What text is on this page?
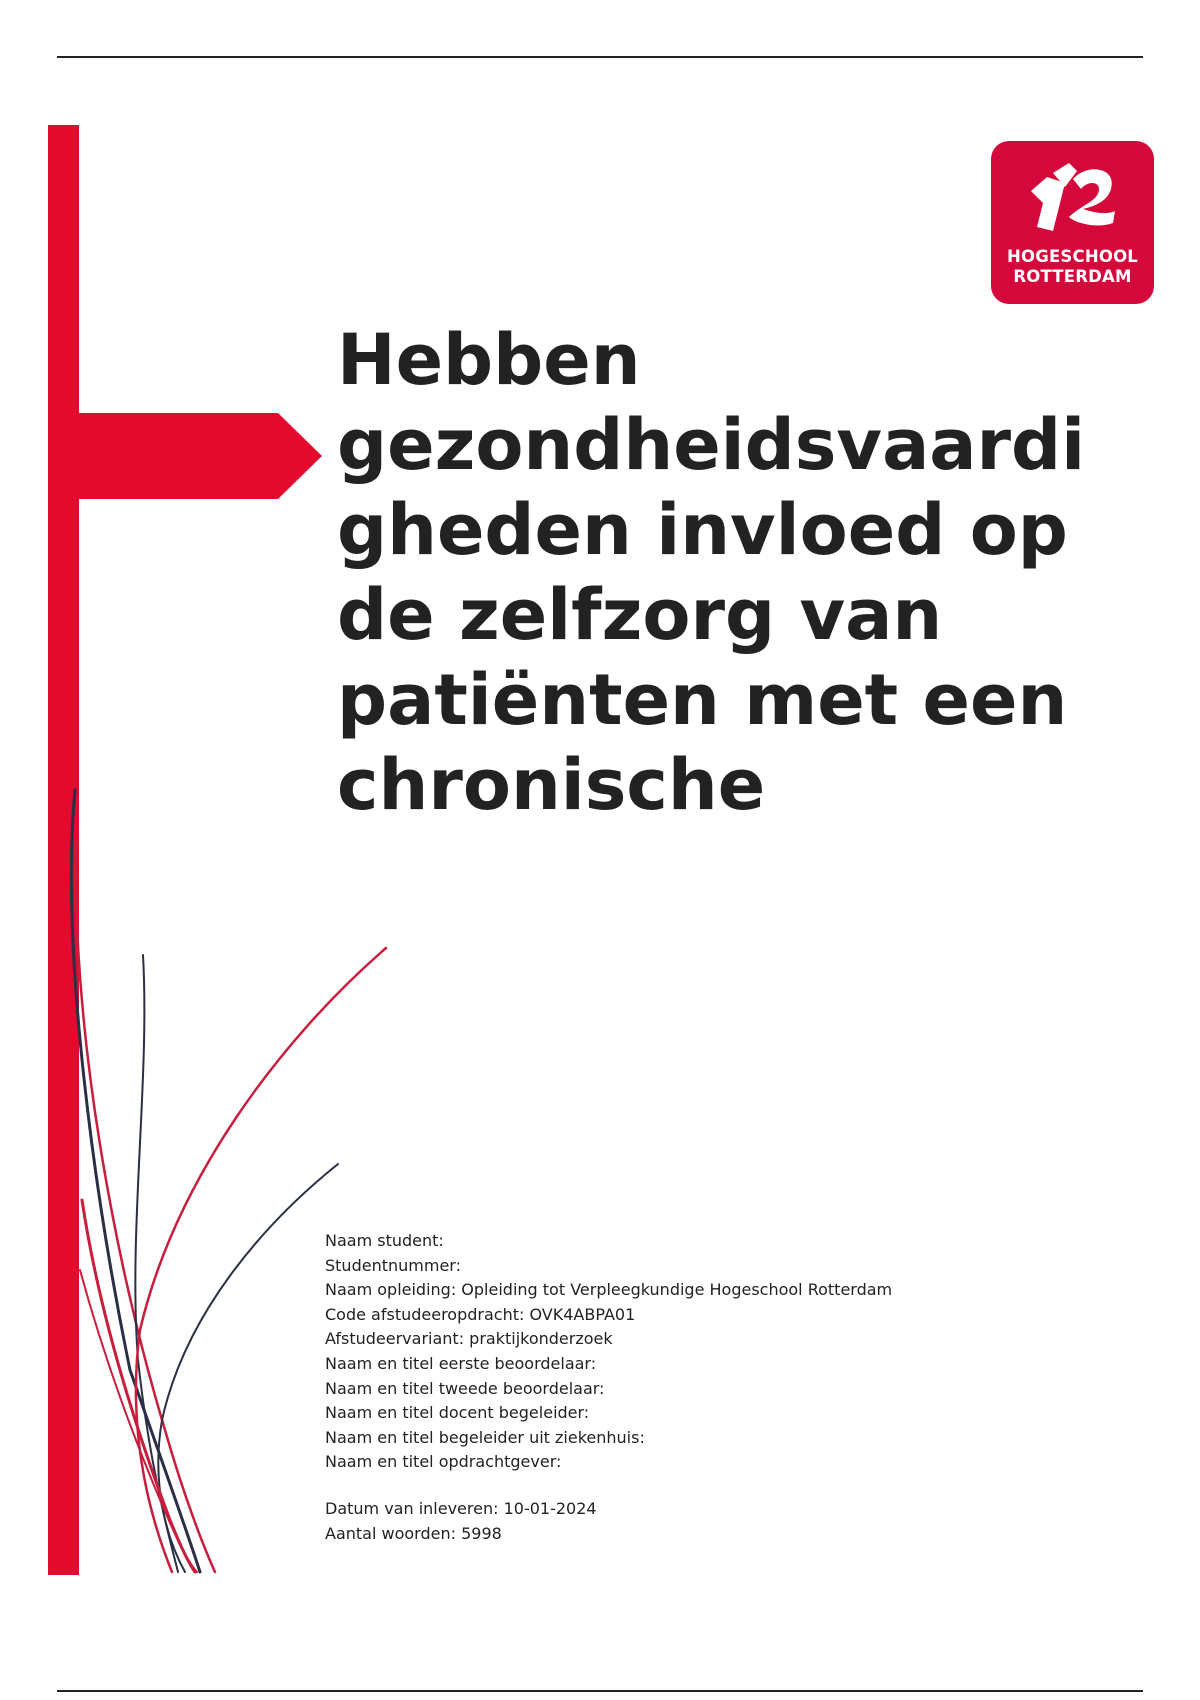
HOGESCHOOL
ROTTERDAM
Hebben
gezondheidsvaardi
gheden invloed op
de zelfzorg van
patiënten met een
chronische
Naam student:
Studentnummer:
Naam opleiding: Opleiding tot Verpleegkundige Hogeschool Rotterdam
Code afstudeeropdracht: OVK4ABPA01
Afstudeervariant: praktijkonderzoek
Naam en titel eerste beoordelaar:
Naam en titel tweede beoordelaar:
Naam en titel docent begeleider:
Naam en titel begeleider uit ziekenhuis:
Naam en titel opdrachtgever:
Datum van inleveren: 10-01-2024
Aantal woorden: 5998
